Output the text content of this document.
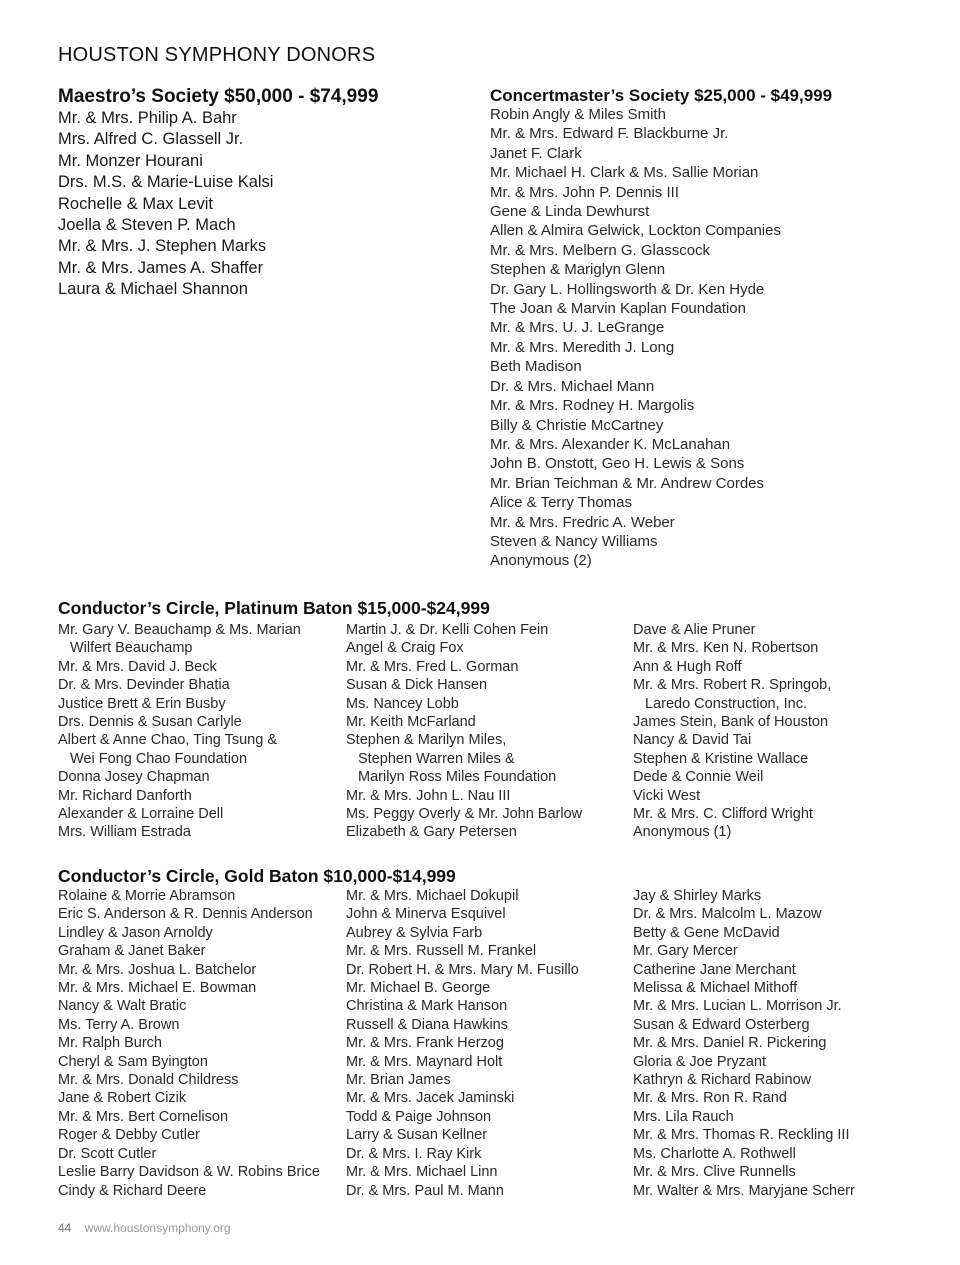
HOUSTON SYMPHONY DONORS
Maestro’s Society $50,000 - $74,999
Mr. & Mrs. Philip A. Bahr
Mrs. Alfred C. Glassell Jr.
Mr. Monzer Hourani
Drs. M.S. & Marie-Luise Kalsi
Rochelle & Max Levit
Joella & Steven P. Mach
Mr. & Mrs. J. Stephen Marks
Mr. & Mrs. James A. Shaffer
Laura & Michael Shannon
Concertmaster’s Society $25,000 - $49,999
Robin Angly & Miles Smith
Mr. & Mrs. Edward F. Blackburne Jr.
Janet F. Clark
Mr. Michael H. Clark & Ms. Sallie Morian
Mr. & Mrs. John P. Dennis III
Gene & Linda Dewhurst
Allen & Almira Gelwick, Lockton Companies
Mr. & Mrs. Melbern G. Glasscock
Stephen & Mariglyn Glenn
Dr. Gary L. Hollingsworth & Dr. Ken Hyde
The Joan & Marvin Kaplan Foundation
Mr. & Mrs. U. J. LeGrange
Mr. & Mrs. Meredith J. Long
Beth Madison
Dr. & Mrs. Michael Mann
Mr. & Mrs. Rodney H. Margolis
Billy & Christie McCartney
Mr. & Mrs. Alexander K. McLanahan
John B. Onstott, Geo H. Lewis & Sons
Mr. Brian Teichman & Mr. Andrew Cordes
Alice & Terry Thomas
Mr. & Mrs. Fredric A. Weber
Steven & Nancy Williams
Anonymous (2)
Conductor’s Circle, Platinum Baton $15,000-$24,999
Mr. Gary V. Beauchamp & Ms. Marian
Wilfert Beauchamp
Mr. & Mrs. David J. Beck
Dr. & Mrs. Devinder Bhatia
Justice Brett & Erin Busby
Drs. Dennis & Susan Carlyle
Albert & Anne Chao, Ting Tsung &
Wei Fong Chao Foundation
Donna Josey Chapman
Mr. Richard Danforth
Alexander & Lorraine Dell
Mrs. William Estrada
Martin J. & Dr. Kelli Cohen Fein
Angel & Craig Fox
Mr. & Mrs. Fred L. Gorman
Susan & Dick Hansen
Ms. Nancey Lobb
Mr. Keith McFarland
Stephen & Marilyn Miles,
Stephen Warren Miles &
Marilyn Ross Miles Foundation
Mr. & Mrs. John L. Nau III
Ms. Peggy Overly & Mr. John Barlow
Elizabeth & Gary Petersen
Dave & Alie Pruner
Mr. & Mrs. Ken N. Robertson
Ann & Hugh Roff
Mr. & Mrs. Robert R. Springob,
Laredo Construction, Inc.
James Stein, Bank of Houston
Nancy & David Tai
Stephen & Kristine Wallace
Dede & Connie Weil
Vicki West
Mr. & Mrs. C. Clifford Wright
Anonymous (1)
Conductor’s Circle, Gold Baton $10,000-$14,999
Rolaine & Morrie Abramson
Eric S. Anderson & R. Dennis Anderson
Lindley & Jason Arnoldy
Graham & Janet Baker
Mr. & Mrs. Joshua L. Batchelor
Mr. & Mrs. Michael E. Bowman
Nancy & Walt Bratic
Ms. Terry A. Brown
Mr. Ralph Burch
Cheryl & Sam Byington
Mr. & Mrs. Donald Childress
Jane & Robert Cizik
Mr. & Mrs. Bert Cornelison
Roger & Debby Cutler
Dr. Scott Cutler
Leslie Barry Davidson & W. Robins Brice
Cindy & Richard Deere
Mr. & Mrs. Michael Dokupil
John & Minerva Esquivel
Aubrey & Sylvia Farb
Mr. & Mrs. Russell M. Frankel
Dr. Robert H. & Mrs. Mary M. Fusillo
Mr. Michael B. George
Christina & Mark Hanson
Russell & Diana Hawkins
Mr. & Mrs. Frank Herzog
Mr. & Mrs. Maynard Holt
Mr. Brian James
Mr. & Mrs. Jacek Jaminski
Todd & Paige Johnson
Larry & Susan Kellner
Dr. & Mrs. I. Ray Kirk
Mr. & Mrs. Michael Linn
Dr. & Mrs. Paul M. Mann
Jay & Shirley Marks
Dr. & Mrs. Malcolm L. Mazow
Betty & Gene McDavid
Mr. Gary Mercer
Catherine Jane Merchant
Melissa & Michael Mithoff
Mr. & Mrs. Lucian L. Morrison Jr.
Susan & Edward Osterberg
Mr. & Mrs. Daniel R. Pickering
Gloria & Joe Pryzant
Kathryn & Richard Rabinow
Mr. & Mrs. Ron R. Rand
Mrs. Lila Rauch
Mr. & Mrs. Thomas R. Reckling III
Ms. Charlotte A. Rothwell
Mr. & Mrs. Clive Runnells
Mr. Walter & Mrs. Maryjane Scherr
44 www.houstonsymphony.org
